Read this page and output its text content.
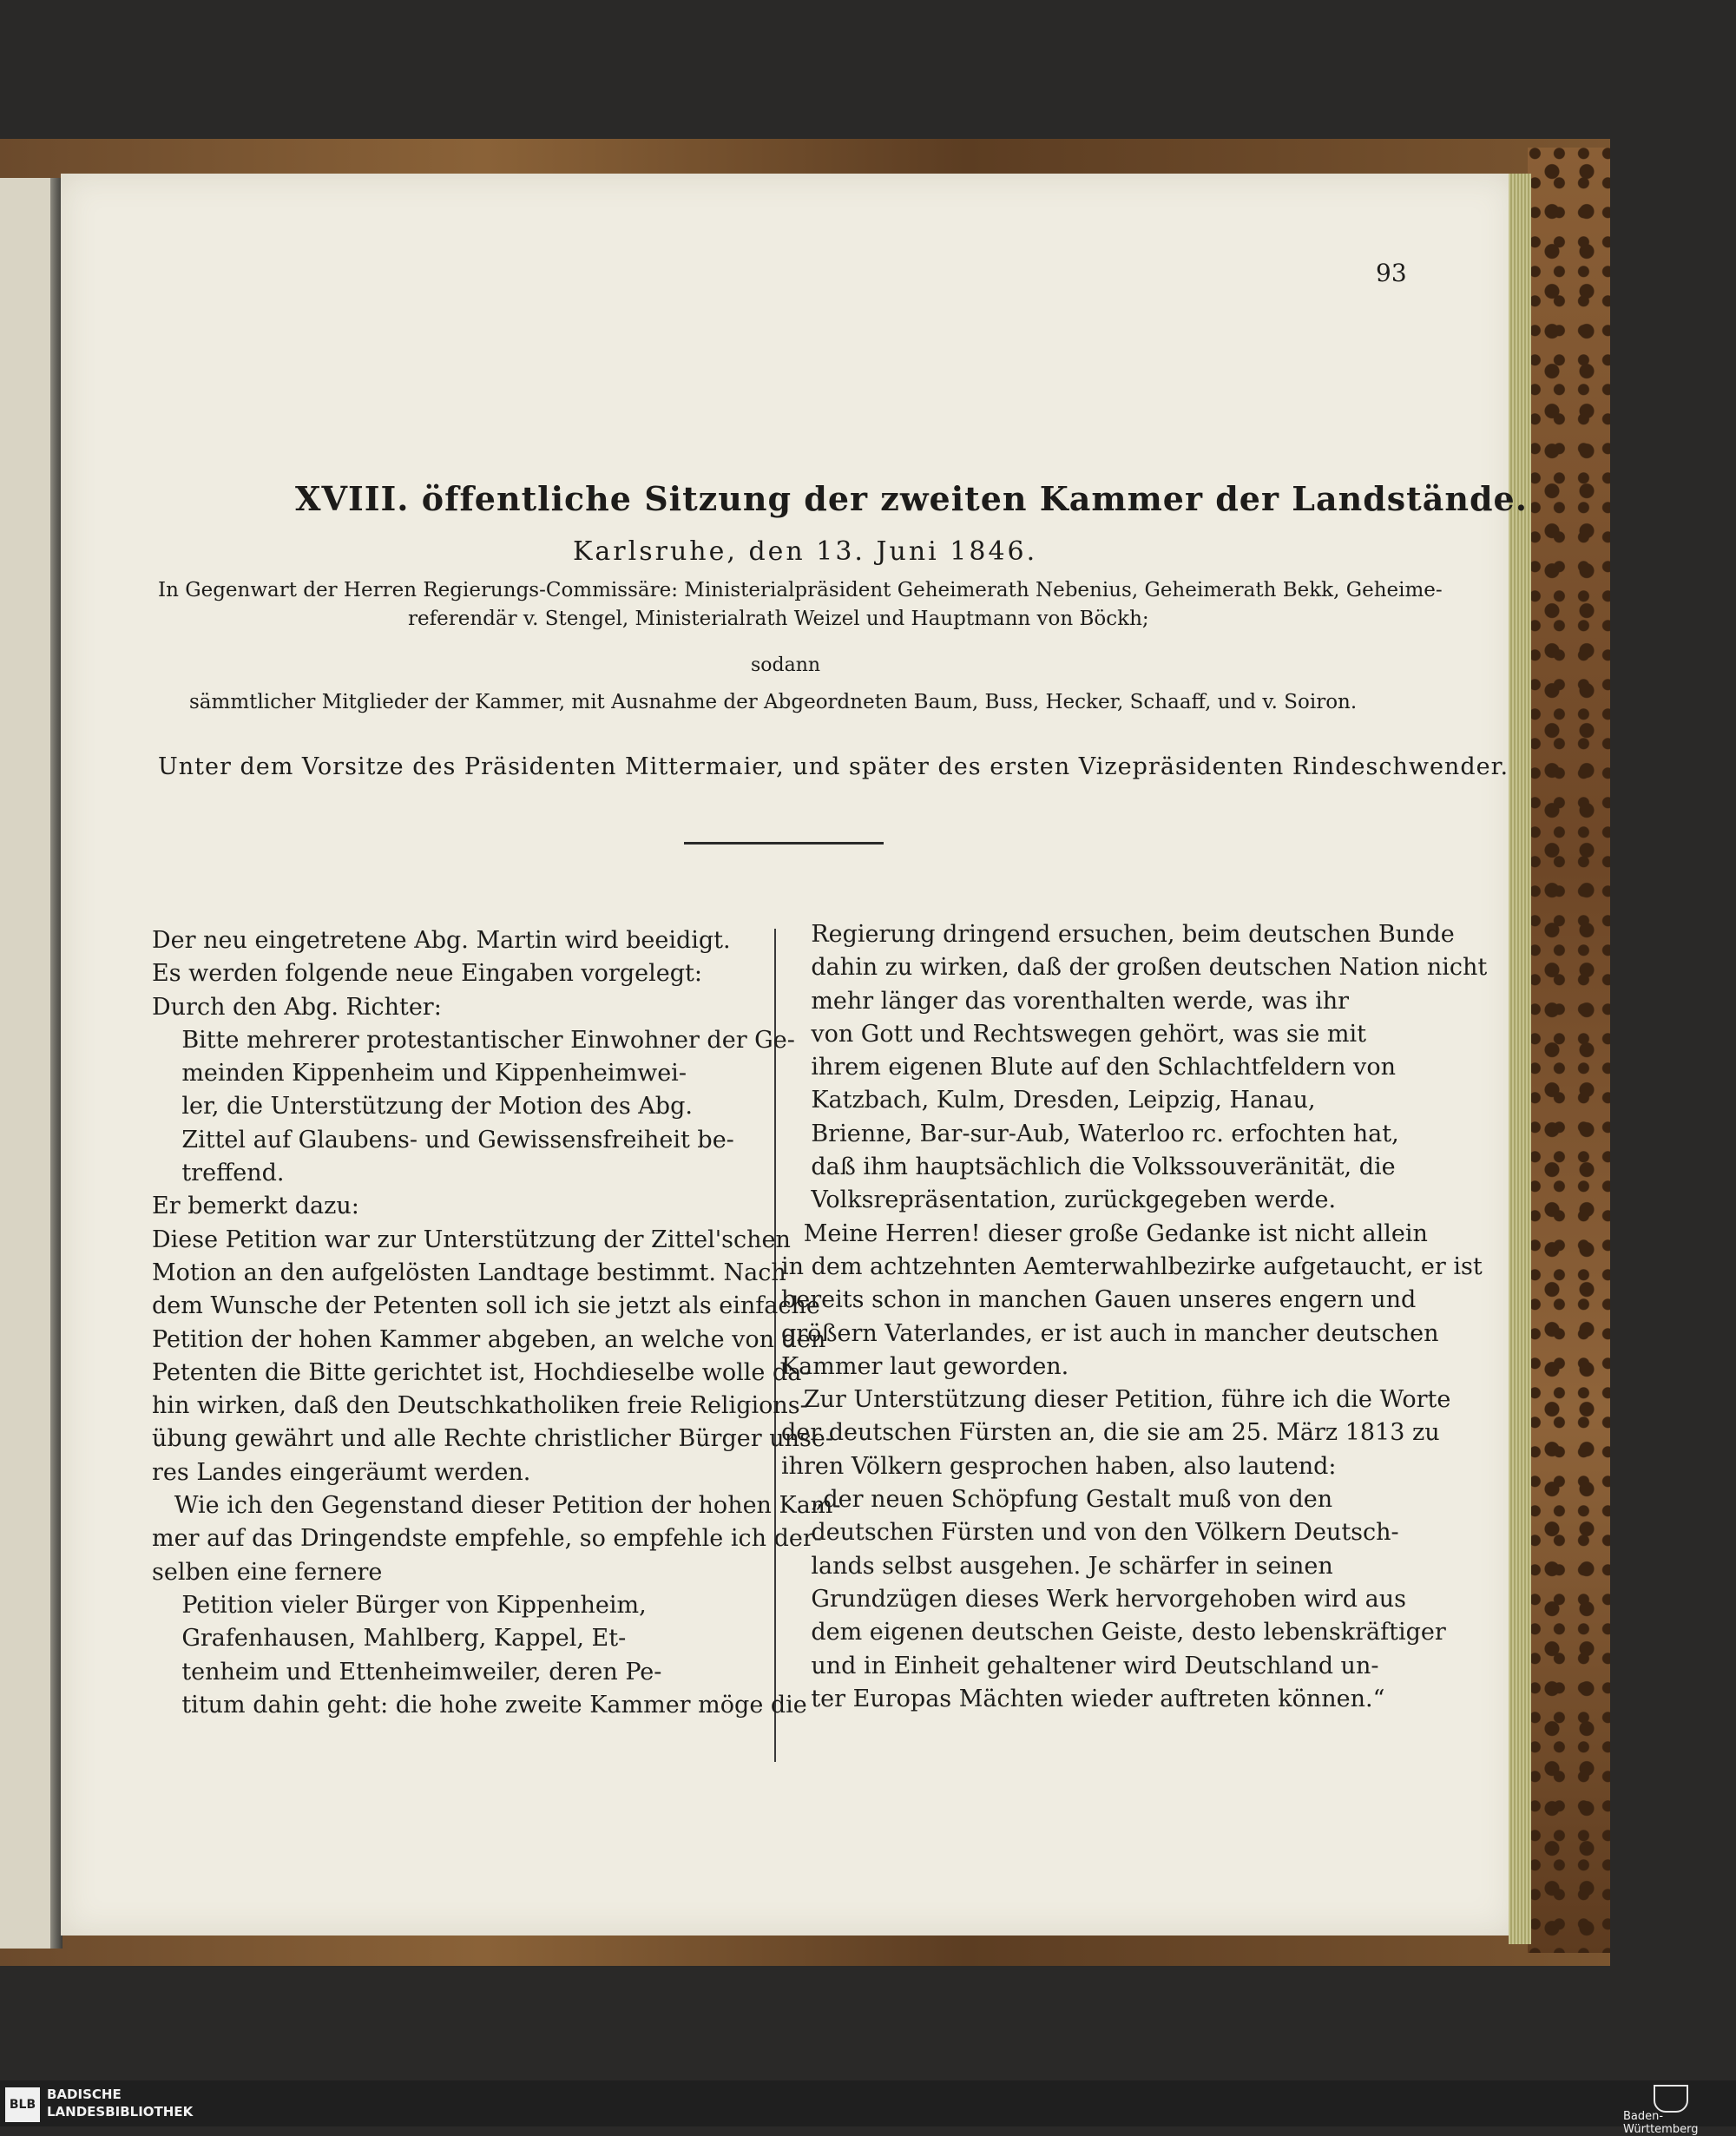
93
XVIII. öffentliche Sitzung der zweiten Kammer der Landstände.
Karlsruhe, den 13. Juni 1846.
In Gegenwart der Herren Regierungs-Commissäre: Ministerialpräsident Geheimerath Nebenius, Geheimerath Bekk, Geheime-
referendär v. Stengel, Ministerialrath Weizel und Hauptmann von Böckh;
sodann
sämmtlicher Mitglieder der Kammer, mit Ausnahme der Abgeordneten Baum, Buss, Hecker, Schaaff, und v. Soiron.
Unter dem Vorsitze des Präsidenten Mittermaier, und später des ersten Vizepräsidenten Rindeschwender.
Der neu eingetretene Abg. Martin wird beeidigt.
Es werden folgende neue Eingaben vorgelegt:
Durch den Abg. Richter:
Bitte mehrerer protestantischer Einwohner der Ge-
meinden Kippenheim und Kippenheimwei-
ler, die Unterstützung der Motion des Abg.
Zittel auf Glaubens- und Gewissensfreiheit be-
treffend.
Er bemerkt dazu:
Diese Petition war zur Unterstützung der Zittel'schen
Motion an den aufgelösten Landtage bestimmt. Nach
dem Wunsche der Petenten soll ich sie jetzt als einfache
Petition der hohen Kammer abgeben, an welche von den
Petenten die Bitte gerichtet ist, Hochdieselbe wolle da-
hin wirken, daß den Deutschkatholiken freie Religions-
übung gewährt und alle Rechte christlicher Bürger unse-
res Landes eingeräumt werden.
Wie ich den Gegenstand dieser Petition der hohen Kam-
mer auf das Dringendste empfehle, so empfehle ich der-
selben eine fernere
Petition vieler Bürger von Kippenheim,
Grafenhausen, Mahlberg, Kappel, Et-
tenheim und Ettenheimweiler, deren Pe-
titum dahin geht: die hohe zweite Kammer möge die
Regierung dringend ersuchen, beim deutschen Bunde
dahin zu wirken, daß der großen deutschen Nation nicht
mehr länger das vorenthalten werde, was ihr
von Gott und Rechtswegen gehört, was sie mit
ihrem eigenen Blute auf den Schlachtfeldern von
Katzbach, Kulm, Dresden, Leipzig, Hanau,
Brienne, Bar-sur-Aub, Waterloo rc. erfochten hat,
daß ihm hauptsächlich die Volkssouveränität, die
Volksrepräsentation, zurückgegeben werde.
Meine Herren! dieser große Gedanke ist nicht allein
in dem achtzehnten Aemterwahlbezirke aufgetaucht, er ist
bereits schon in manchen Gauen unseres engern und
größern Vaterlandes, er ist auch in mancher deutschen
Kammer laut geworden.
Zur Unterstützung dieser Petition, führe ich die Worte
der deutschen Fürsten an, die sie am 25. März 1813 zu
ihren Völkern gesprochen haben, also lautend:
„der neuen Schöpfung Gestalt muß von den
deutschen Fürsten und von den Völkern Deutsch-
lands selbst ausgehen. Je schärfer in seinen
Grundzügen dieses Werk hervorgehoben wird aus
dem eigenen deutschen Geiste, desto lebenskräftiger
und in Einheit gehaltener wird Deutschland un-
ter Europas Mächten wieder auftreten können.“
BLB
BADISCHE
LANDESBIBLIOTHEK	Baden-Württemberg
